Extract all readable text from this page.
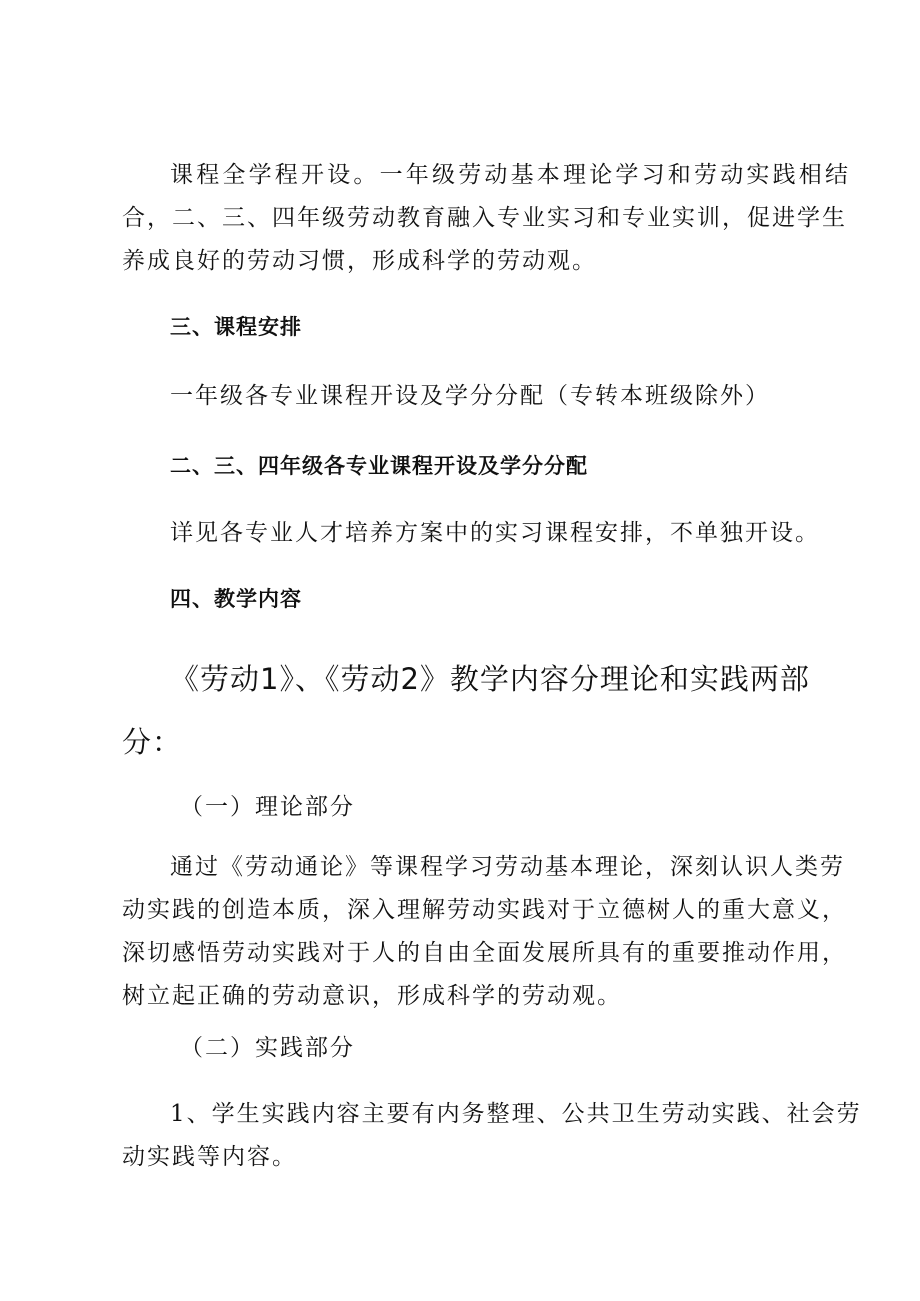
课程全学程开设。一年级劳动基本理论学习和劳动实践相结
合，二、三、四年级劳动教育融入专业实习和专业实训，促进学生
养成良好的劳动习惯，形成科学的劳动观。
三、课程安排
一年级各专业课程开设及学分分配（专转本班级除外）
二、三、四年级各专业课程开设及学分分配
详见各专业人才培养方案中的实习课程安排，不单独开设。
四、教学内容
《劳动1》、《劳动2》教学内容分理论和实践两部
分：
（一）理论部分
通过《劳动通论》等课程学习劳动基本理论，深刻认识人类劳
动实践的创造本质，深入理解劳动实践对于立德树人的重大意义，
深切感悟劳动实践对于人的自由全面发展所具有的重要推动作用，
树立起正确的劳动意识，形成科学的劳动观。
（二）实践部分
1、学生实践内容主要有内务整理、公共卫生劳动实践、社会劳
动实践等内容。
